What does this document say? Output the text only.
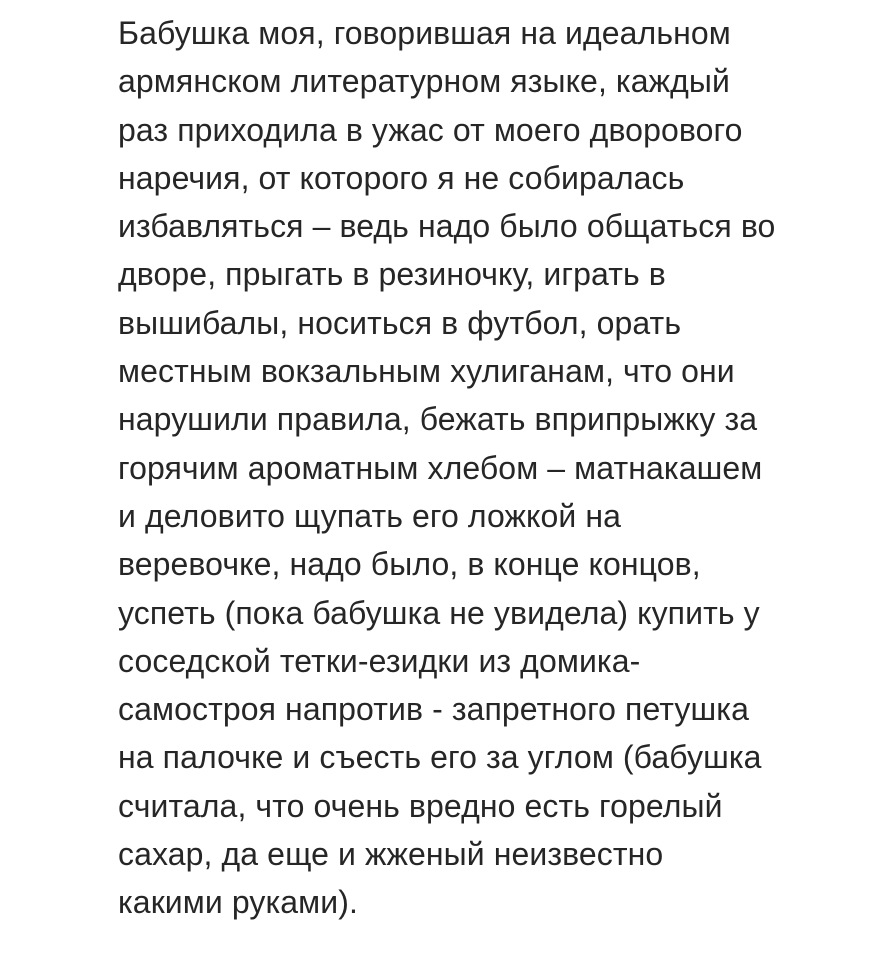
Бабушка моя, говорившая на идеальном
армянском литературном языке, каждый
раз приходила в ужас от моего дворового
наречия, от которого я не собиралась
избавляться – ведь надо было общаться во
дворе, прыгать в резиночку, играть в
вышибалы, носиться в футбол, орать
местным вокзальным хулиганам, что они
нарушили правила, бежать вприпрыжку за
горячим ароматным хлебом – матнакашем
и деловито щупать его ложкой на
веревочке, надо было, в конце концов,
успеть (пока бабушка не увидела) купить у
соседской тетки-езидки из домика-
самостроя напротив - запретного петушка
на палочке и съесть его за углом (бабушка
считала, что очень вредно есть горелый
сахар, да еще и жженый неизвестно
какими руками).
